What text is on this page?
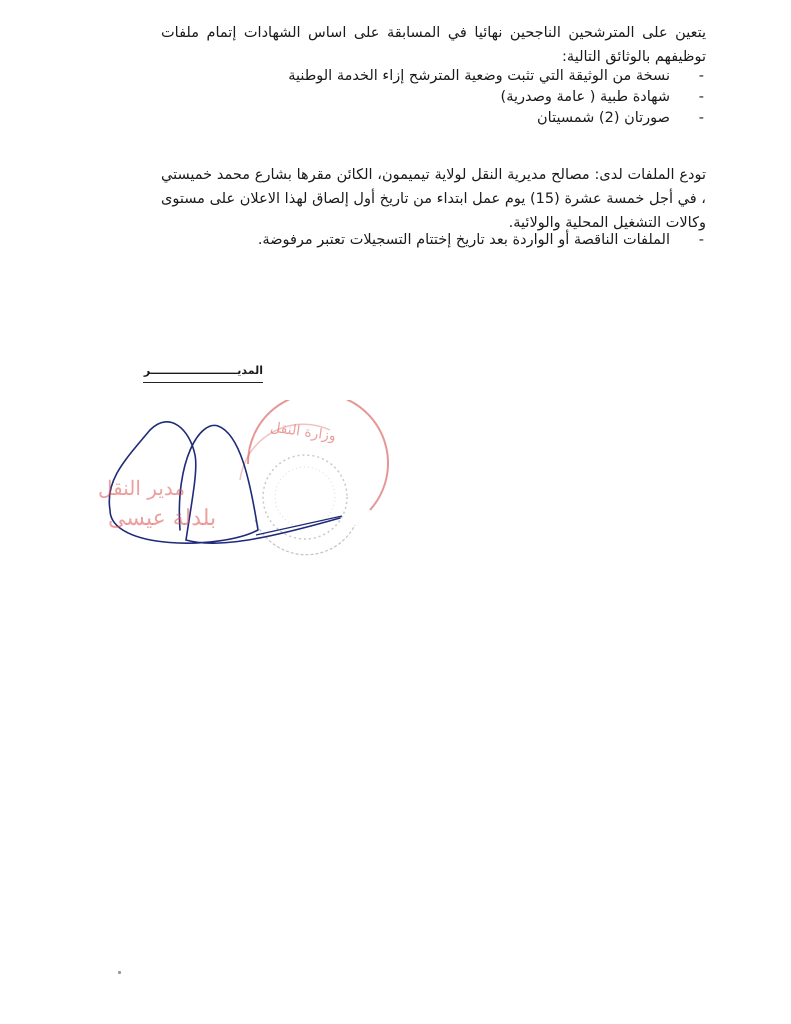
يتعين على المترشحين الناجحين نهائيا في المسابقة على اساس الشهادات إتمام ملفات توظيفهم بالوثائق التالية:

-
نسخة من الوثيقة التي تثبت وضعية المترشح إزاء الخدمة الوطنية
-
شهادة طبية ( عامة وصدرية)
-
صورتان (2) شمسيتان

تودع الملفات لدى: مصالح مديرية النقل لولاية تيميمون، الكائن مقرها بشارع محمد خميستي ، في أجل خمسة عشرة (15) يوم عمل ابتداء من تاريخ أول إلصاق لهذا الاعلان على مستوى وكالات التشغيل المحلية والولائية.

-
الملفات الناقصة أو الواردة بعد تاريخ إختتام التسجيلات تعتبر مرفوضة.
المديـــــــــــــــــــــــر
وزارة النقل
مدير النقل
بلدلة عيسى
